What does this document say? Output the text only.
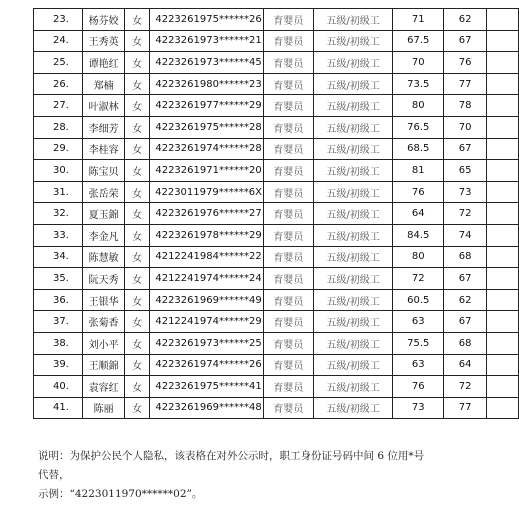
23.	杨芬姣	女	4223261975******26	育婴员	五级/初级工	71	62	
24.	王秀英	女	4223261973******21	育婴员	五级/初级工	67.5	67	
25.	谭艳红	女	4223261973******45	育婴员	五级/初级工	70	76	
26.	郑楠	女	4223261980******23	育婴员	五级/初级工	73.5	77	
27.	叶淑林	女	4223261977******29	育婴员	五级/初级工	80	78	
28.	李细芳	女	4223261975******28	育婴员	五级/初级工	76.5	70	
29.	李桂容	女	4223261974******28	育婴员	五级/初级工	68.5	67	
30.	陈宝贝	女	4223261971******20	育婴员	五级/初级工	81	65	
31.	张岳荣	女	4223011979******6X	育婴员	五级/初级工	76	73	
32.	夏玉錦	女	4223261976******27	育婴员	五级/初级工	64	72	
33.	李金凡	女	4223261978******29	育婴员	五级/初级工	84.5	74	
34.	陈慧敏	女	4212241984******22	育婴员	五级/初级工	80	68	
35.	阮天秀	女	4212241974******24	育婴员	五级/初级工	72	67	
36.	王银华	女	4223261969******49	育婴员	五级/初级工	60.5	62	
37.	张菊香	女	4212241974******29	育婴员	五级/初级工	63	67	
38.	刘小平	女	4223261973******25	育婴员	五级/初级工	75.5	68	
39.	王顺錦	女	4223261974******26	育婴员	五级/初级工	63	64	
40.	袁容红	女	4223261975******41	育婴员	五级/初级工	76	72	
41.	陈丽	女	4223261969******48	育婴员	五级/初级工	73	77	

说明：为保护公民个人隐私，该表格在对外公示时，职工身份证号码中间 6 位用*号

代替，

示例：“4223011970******02”。
